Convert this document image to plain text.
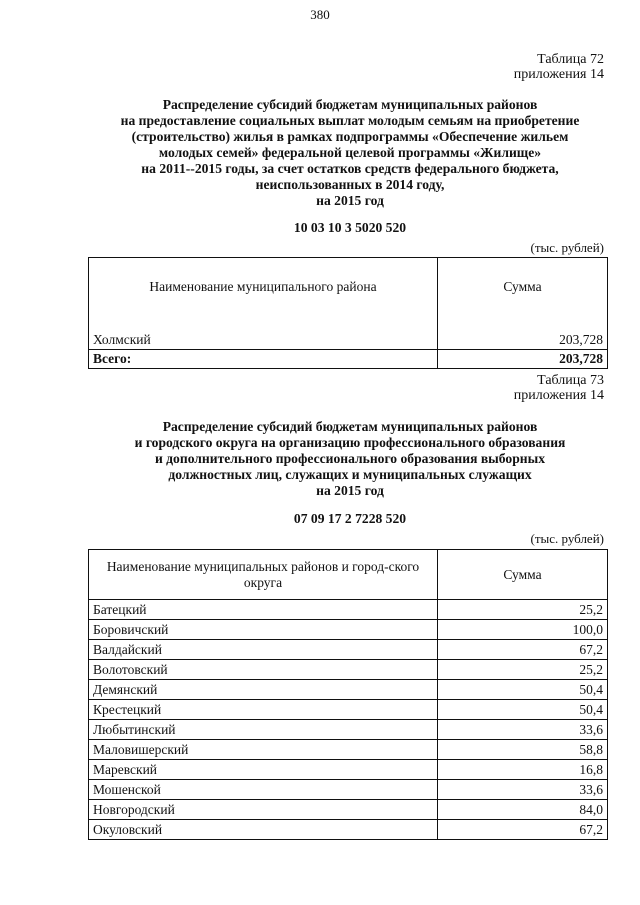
380
Таблица 72
приложения 14
Распределение субсидий бюджетам муниципальных районов
на предоставление социальных выплат молодым семьям на приобретение
(строительство) жилья в рамках подпрограммы «Обеспечение жильем
молодых семей» федеральной целевой программы «Жилище»
на 2011--2015 годы, за счет остатков средств федерального бюджета,
неиспользованных в 2014 году,
на 2015 год
10 03 10 3 5020 520
(тыс. рублей)
Наименование муниципального района	Сумма

Холмский	203,728
Всего:	203,728
Таблица 73
приложения 14
Распределение субсидий бюджетам муниципальных районов
и городского округа на организацию профессионального образования
и дополнительного профессионального образования выборных
должностных лиц, служащих и муниципальных служащих
на 2015 год
07 09 17 2 7228 520
(тыс. рублей)
Наименование муниципальных районов и город-ского округа	Сумма
Батецкий	25,2
Боровичский	100,0
Валдайский	67,2
Волотовский	25,2
Демянский	50,4
Крестецкий	50,4
Любытинский	33,6
Маловишерский	58,8
Маревский	16,8
Мошенской	33,6
Новгородский	84,0
Окуловский	67,2
